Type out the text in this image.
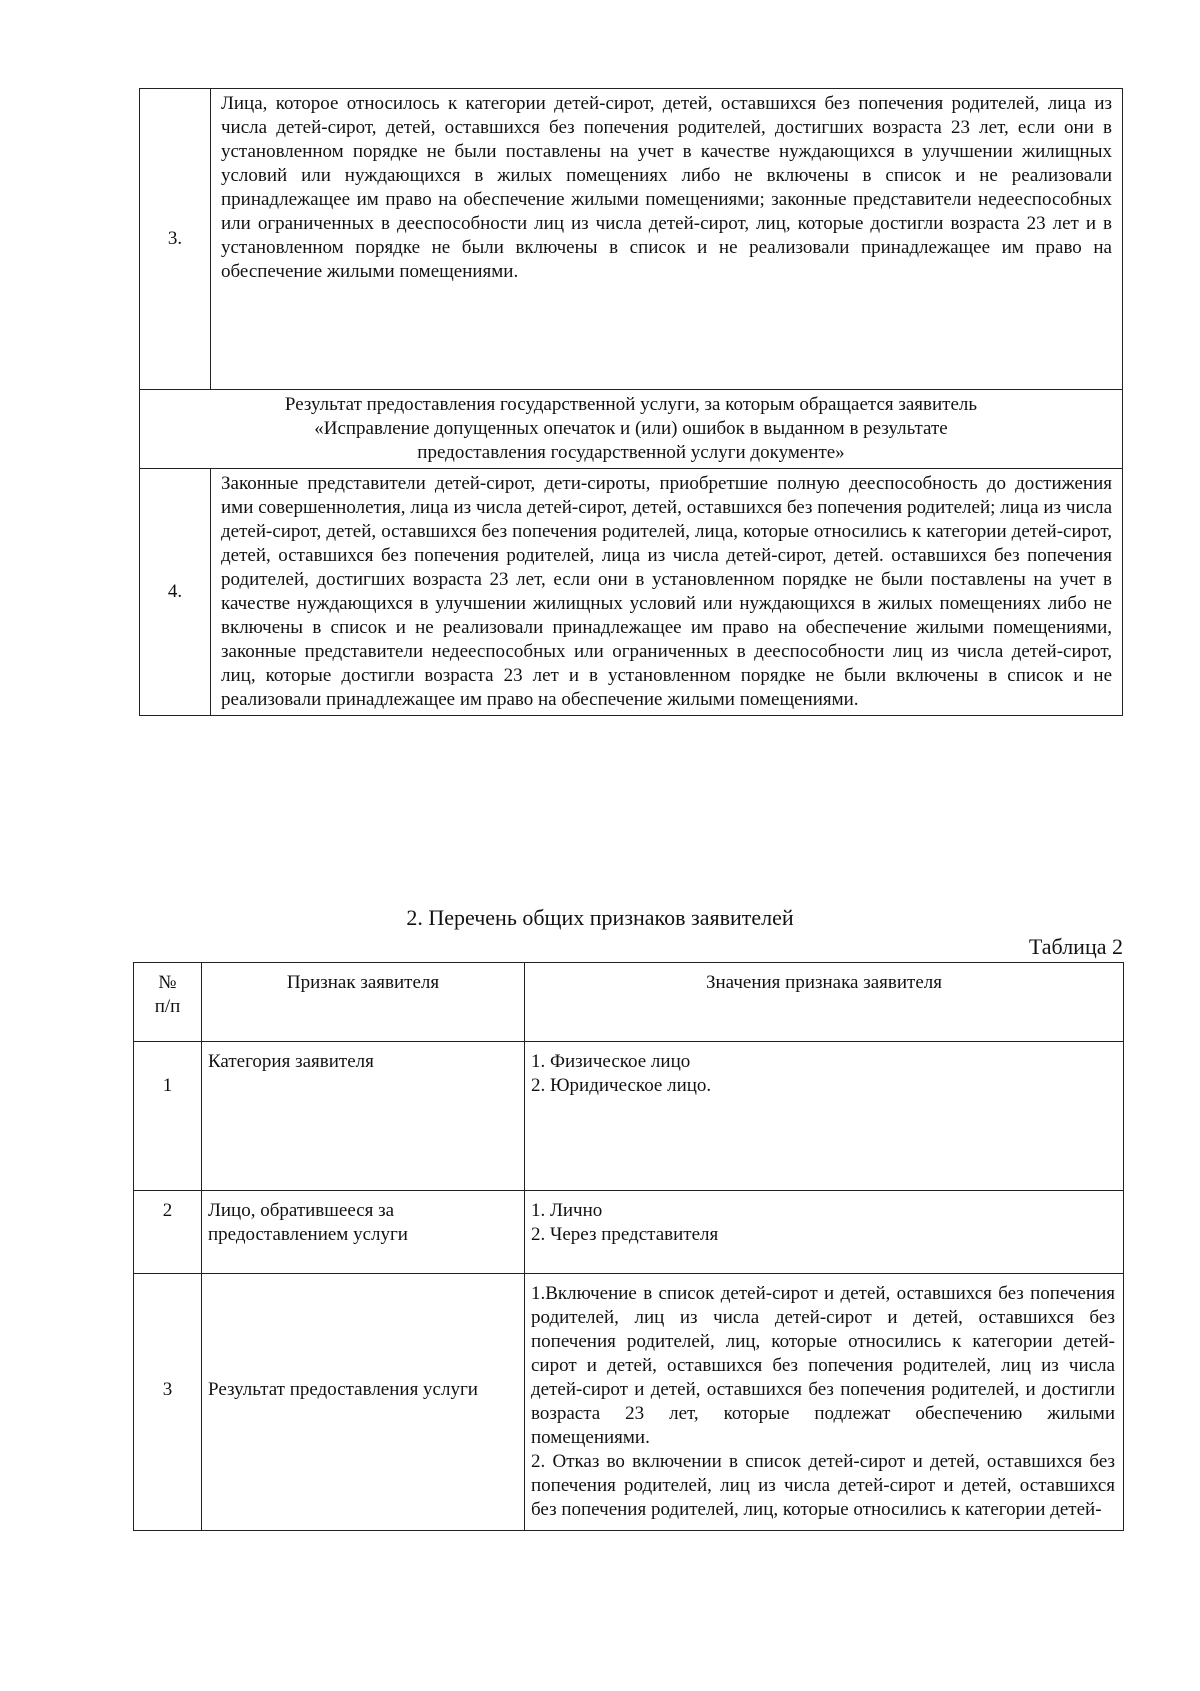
3.	Лица, которое относилось к категории детей-сирот, детей, оставшихся без попечения родителей, лица из числа детей-сирот, детей, оставшихся без попечения родителей, достигших возраста 23 лет, если они в установленном порядке не были поставлены на учет в качестве нуждающихся в улучшении жилищных условий или нуждающихся в жилых помещениях либо не включены в список и не реализовали принадлежащее им право на обеспечение жилыми помещениями; законные представители недееспособных или ограниченных в дееспособности лиц из числа детей-сирот, лиц, которые достигли возраста 23 лет и в установленном порядке не были включены в список и не реализовали принадлежащее им право на обеспечение жилыми помещениями.

Результат предоставления государственной услуги, за которым обращается заявитель
«Исправление допущенных опечаток и (или) ошибок в выданном в результате
предоставления государственной услуги документе»	

4.	Законные представители детей-сирот, дети-сироты, приобретшие полную дееспособность до достижения ими совершеннолетия, лица из числа детей-сирот, детей, оставшихся без попечения родителей; лица из числа детей-сирот, детей, оставшихся без попечения родителей, лица, которые относились к категории детей-сирот, детей, оставшихся без попечения родителей, лица из числа детей-сирот, детей. оставшихся без попечения родителей, достигших возраста 23 лет, если они в установленном порядке не были поставлены на учет в качестве нуждающихся в улучшении жилищных условий или нуждающихся в жилых помещениях либо не включены в список и не реализовали принадлежащее им право на обеспечение жилыми помещениями, законные представители недееспособных или ограниченных в дееспособности лиц из числа детей-сирот, лиц, которые достигли возраста 23 лет и в установленном порядке не были включены в список и не реализовали принадлежащее им право на обеспечение жилыми помещениями.
2. Перечень общих признаков заявителей
Таблица 2
№
п/п	Признак заявителя	Значения признака заявителя
1	Категория заявителя	1. Физическое лицо
2. Юридическое лицо.

2	Лицо, обратившееся за предоставлением услуги	1. Лично
2. Через представителя

3	Результат предоставления услуги	1.Включение в список детей-сирот и детей, оставшихся без попечения родителей, лиц из числа детей-сирот и детей, оставшихся без попечения родителей, лиц, которые относились к категории детей-сирот и детей, оставшихся без попечения родителей, лиц из числа детей-сирот и детей, оставшихся без попечения родителей, и достигли возраста 23 лет, которые подлежат обеспечению жилыми помещениями.
2. Отказ во включении в список детей-сирот и детей, оставшихся без попечения родителей, лиц из числа детей-сирот и детей, оставшихся без попечения родителей, лиц, которые относились к категории детей-
